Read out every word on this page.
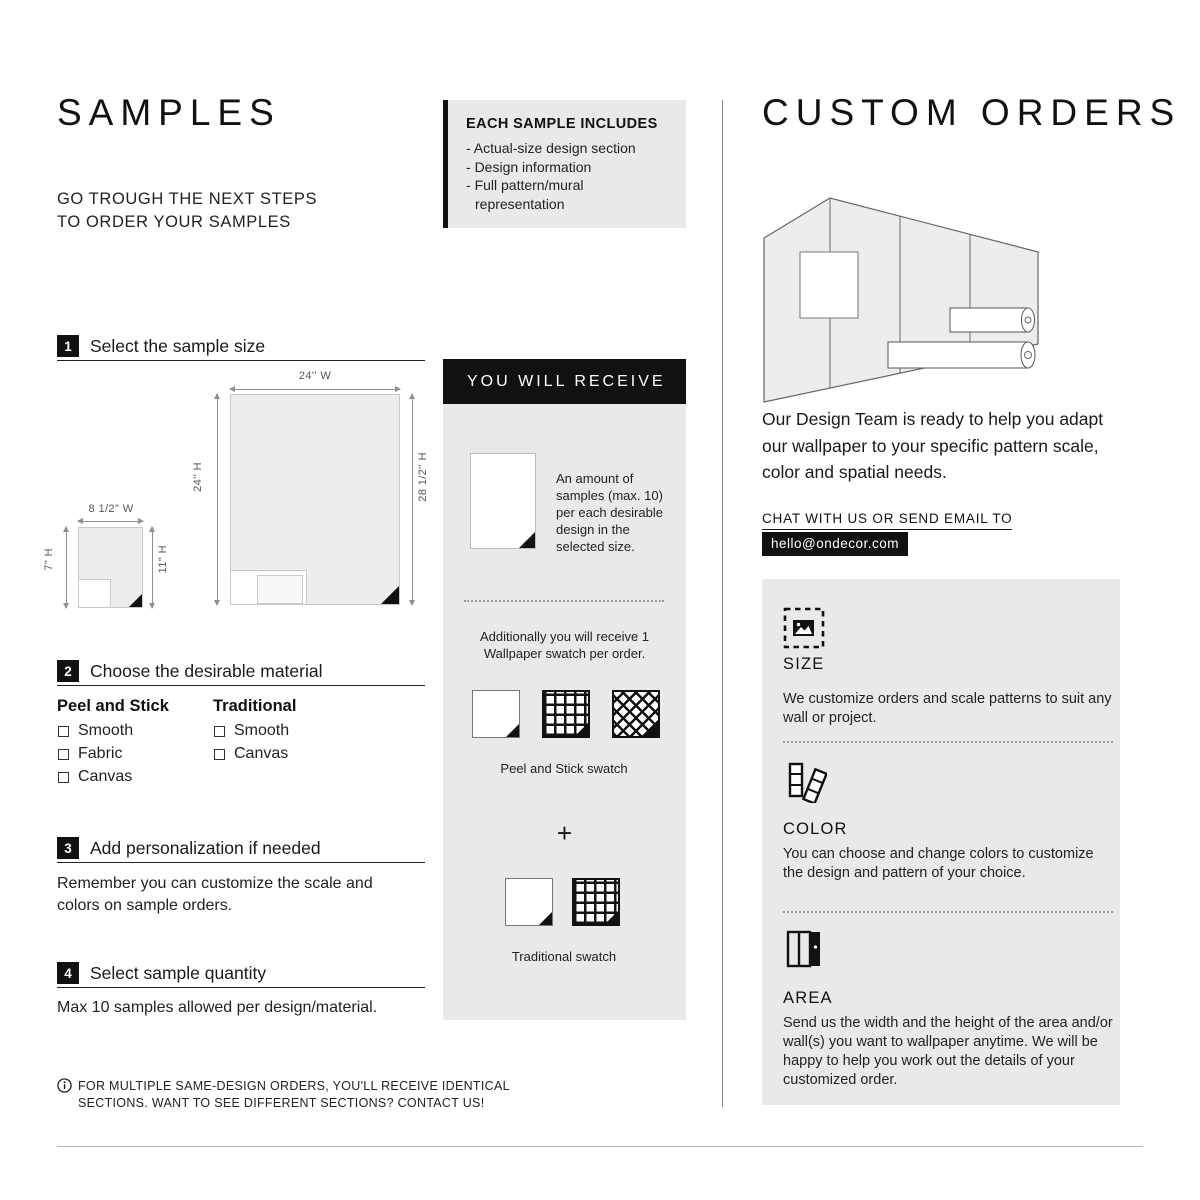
SAMPLES
GO TROUGH THE NEXT STEPS
TO ORDER YOUR SAMPLES
1	Select the sample size
24'' W
24'' H	28 1/2'' H
8 1/2" W
7" H	11" H
2	Choose the desirable material
Peel and Stick
Smooth
Fabric
Canvas
Traditional
Smooth
Canvas
3	Add personalization if needed
Remember you can customize the scale and colors on sample orders.
4	Select sample quantity
Max 10 samples allowed per design/material.
FOR MULTIPLE SAME-DESIGN ORDERS, YOU'LL RECEIVE IDENTICAL SECTIONS. WANT TO SEE DIFFERENT SECTIONS? CONTACT US!
EACH SAMPLE INCLUDES
- Actual-size design section
- Design information
- Full pattern/mural representation
YOU WILL RECEIVE
An amount of samples (max. 10) per each desirable design in the selected size.
Additionally you will receive 1 Wallpaper swatch per order.
Peel and Stick swatch
+
Traditional swatch
CUSTOM ORDERS
Our Design Team is ready to help you adapt our wallpaper to your specific pattern scale, color and spatial needs.
CHAT WITH US OR SEND EMAIL TO
hello@ondecor.com
SIZE
We customize orders and scale patterns to suit any wall or project.
COLOR
You can choose and change colors to customize the design and pattern of your choice.
AREA
Send us the width and the height of the area and/or wall(s) you want to wallpaper anytime. We will be happy to help you work out the details of your customized order.
